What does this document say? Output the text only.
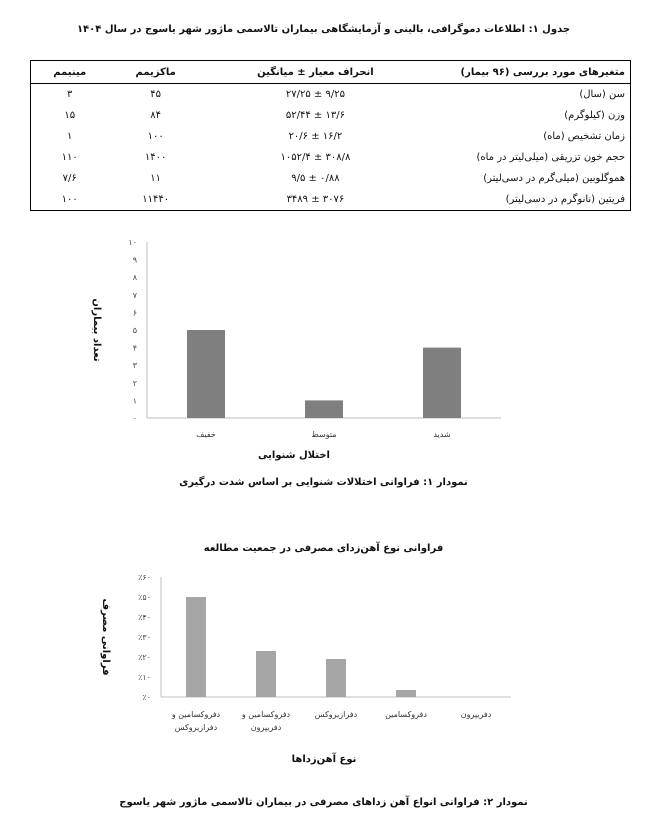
جدول ۱: اطلاعات دموگرافی، بالینی و آزمایشگاهی بیماران تالاسمی ماژور شهر یاسوج در سال ۱۴۰۴
متغیرهای مورد بررسی (۹۶ بیمار)	انحراف معیار ± میانگین	ماکزیمم	مینیمم
سن (سال)	۹/۲۵ ± ۲۷/۲۵	۴۵	۳
وزن (کیلوگرم)	۱۳/۶ ± ۵۲/۴۴	۸۴	۱۵
زمان تشخیص (ماه)	۱۶/۲ ± ۲۰/۶	۱۰۰	۱
حجم خون تزریقی (میلی‌لیتر در ماه)	۳۰۸/۸ ± ۱۰۵۲/۴	۱۴۰۰	۱۱۰
هموگلوبین (میلی‌گرم در دسی‌لیتر)	۰/۸۸ ± ۹/۵	۱۱	۷/۶
فریتین (نانوگرم در دسی‌لیتر)	۳۰۷۶ ± ۳۴۸۹	۱۱۴۴۰	۱۰۰
۰
۱
۲
۳
۴
۵
۶
۷
۸
۹
۱۰
خفیف	متوسط	شدید
اختلال شنوایی
تعداد بیماران
نمودار ۱: فراوانی اختلالات شنوایی بر اساس شدت درگیری
فراوانی نوع آهن‌زدای مصرفی در جمعیت مطالعه
٪۰
٪۱۰
٪۲۰
٪۳۰
٪۴۰
٪۵۰
٪۶۰
دفروکسامین و
دفرازیروکس
دفروکسامین و
دفریپرون
دفرازیروکس	دفروکسامین	دفریپرون
نوع آهن‌زداها
فراوانی مصرف
نمودار ۲: فراوانی انواع آهن زداهای مصرفی در بیماران تالاسمی ماژور شهر یاسوج
